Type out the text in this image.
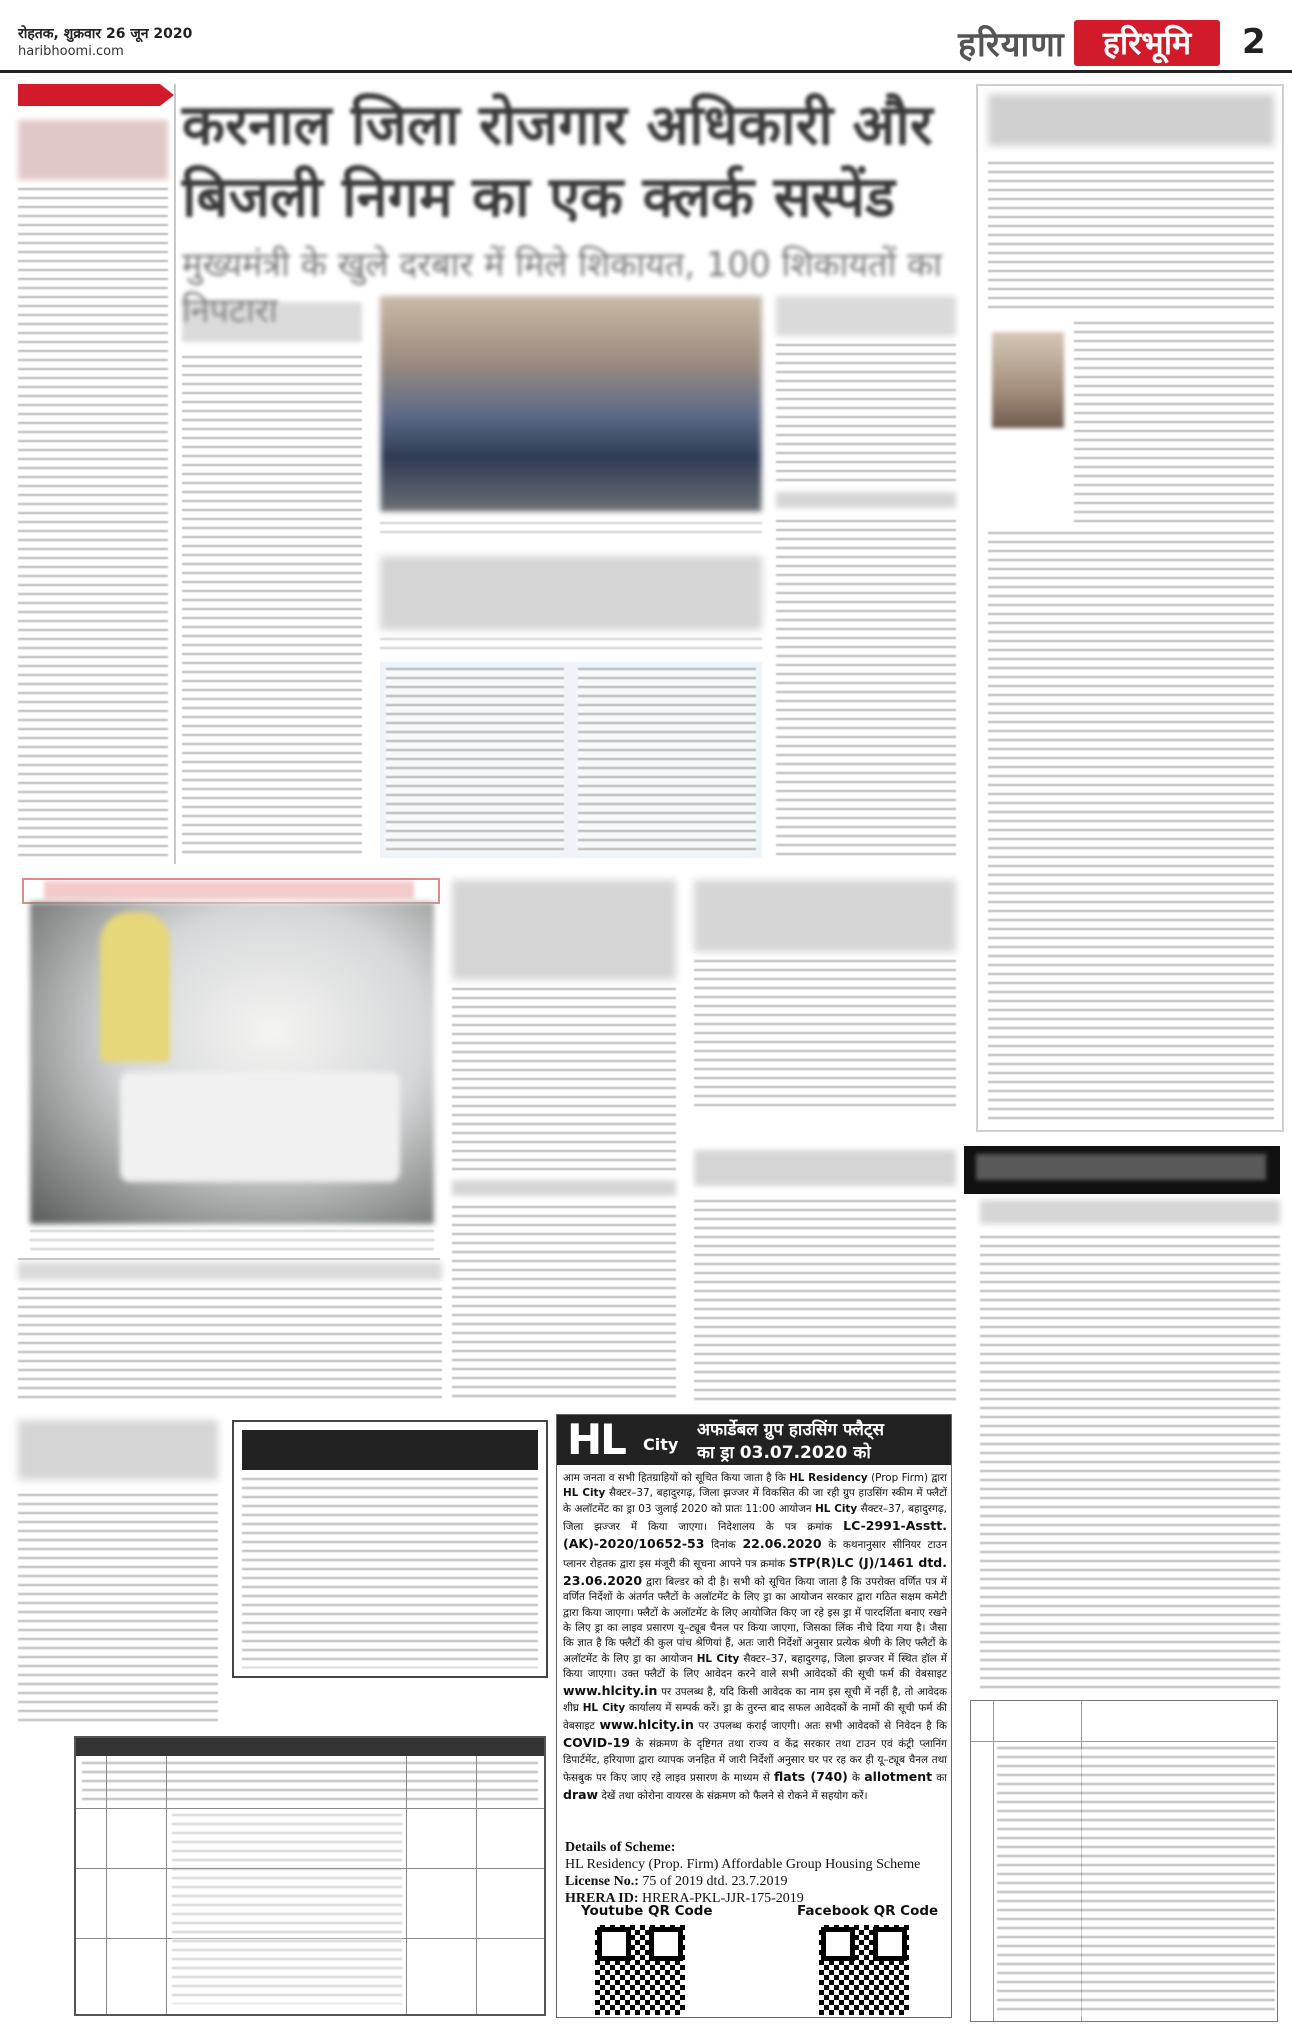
रोहतक, शुक्रवार 26 जून 2020
haribhoomi.com	हरियाणा	हरिभूमि	2
करनाल जिला रोजगार अधिकारी और
बिजली निगम का एक क्लर्क सस्पेंड
मुख्यमंत्री के खुले दरबार में मिले शिकायत, 100 शिकायतों का निपटारा
HL City
अफार्डेबल ग्रुप हाउसिंग फ्लैट्स
का ड्रा 03.07.2020 को
आम जनता व सभी हितग्राहियों को सूचित किया जाता है कि HL Residency (Prop Firm) द्वारा HL City सैक्टर–37, बहादुरगढ़, जिला झज्जर में विकसित की जा रही ग्रुप हाउसिंग स्कीम में फ्लैटों के अलॉटमेंट का ड्रा 03 जुलाई 2020 को प्रातः 11:00 आयोजन HL City सैक्टर–37, बहादुरगढ़, जिला झज्जर में किया जाएगा। निदेशालय के पत्र क्रमांक LC-2991-Asstt.(AK)-2020/10652-53 दिनांक 22.06.2020 के कथनानुसार सीनियर टाउन प्लानर रोहतक द्वारा इस मंजूरी की सूचना आपने पत्र क्रमांक STP(R)LC (J)/1461 dtd. 23.06.2020 द्वारा बिल्डर को दी है। सभी को सूचित किया जाता है कि उपरोक्त वर्णित पत्र में वर्णित निर्देशों के अंतर्गत फ्लैटों के अलॉटमेंट के लिए ड्रा का आयोजन सरकार द्वारा गठित सक्षम कमेटी द्वारा किया जाएगा। फ्लैटों के अलॉटमेंट के लिए आयोजित किए जा रहे इस ड्रा में पारदर्शिता बनाए रखने के लिए ड्रा का लाइव प्रसारण यू–ट्यूब चैनल पर किया जाएगा, जिसका लिंक नीचे दिया गया है। जैसा कि ज्ञात है कि फ्लैटों की कुल पांच श्रेणियां हैं, अतः जारी निर्देशों अनुसार प्रत्येक श्रेणी के लिए फ्लैटों के अलॉटमेंट के लिए ड्रा का आयोजन HL City सैक्टर–37, बहादुरगढ़, जिला झज्जर में स्थित हॉल में किया जाएगा। उक्त फ्लैटों के लिए आवेदन करने वाले सभी आवेदकों की सूची फर्म की वेबसाइट www.hlcity.in पर उपलब्ध है, यदि किसी आवेदक का नाम इस सूची में नहीं है, तो आवेदक शीघ्र HL City कार्यालय में सम्पर्क करें। ड्रा के तुरन्त बाद सफल आवेदकों के नामों की सूची फर्म की वेबसाइट www.hlcity.in पर उपलब्ध कराई जाएगी। अतः सभी आवेदकों से निवेदन है कि COVID-19 के संक्रमण के दृष्टिगत तथा राज्य व केंद्र सरकार तथा टाउन एवं कंट्री प्लानिंग डिपार्टमेंट, हरियाणा द्वारा व्यापक जनहित में जारी निर्देशों अनुसार घर पर रह कर ही यू–ट्यूब चैनल तथा फेसबुक पर किए जाए रहे लाइव प्रसारण के माध्यम से flats (740) के allotment का draw देखें तथा कोरोना वायरस के संक्रमण को फैलने से रोकने में सहयोग करें।
Details of Scheme:
HL Residency (Prop. Firm) Affordable Group Housing Scheme
License No.: 75 of 2019 dtd. 23.7.2019
HRERA ID: HRERA-PKL-JJR-175-2019
Youtube QR Code	Facebook QR Code
